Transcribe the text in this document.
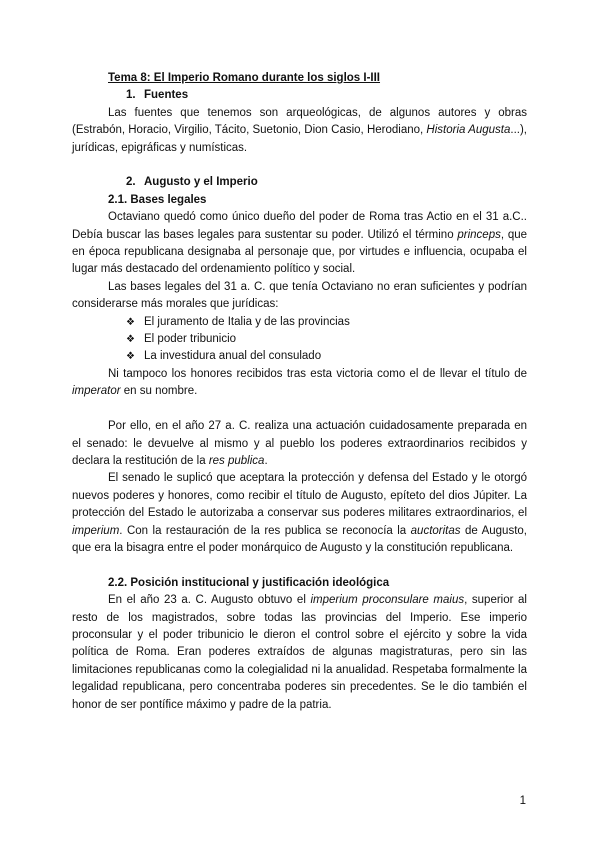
Tema 8: El Imperio Romano durante los siglos I-III
1. Fuentes

Las fuentes que tenemos son arqueológicas, de algunos autores y obras (Estrabón, Horacio, Virgilio, Tácito, Suetonio, Dion Casio, Herodiano, Historia Augusta...), jurídicas, epigráficas y numísticas.

2. Augusto y el Imperio
2.1. Bases legales

Octaviano quedó como único dueño del poder de Roma tras Actio en el 31 a.C.. Debía buscar las bases legales para sustentar su poder. Utilizó el término princeps, que en época republicana designaba al personaje que, por virtudes e influencia, ocupaba el lugar más destacado del ordenamiento político y social.

Las bases legales del 31 a. C. que tenía Octaviano no eran suficientes y podrían considerarse más morales que jurídicas:

❖ El juramento de Italia y de las provincias
❖ El poder tribunicio
❖ La investidura anual del consulado

Ni tampoco los honores recibidos tras esta victoria como el de llevar el título de imperator en su nombre.

Por ello, en el año 27 a. C. realiza una actuación cuidadosamente preparada en el senado: le devuelve al mismo y al pueblo los poderes extraordinarios recibidos y declara la restitución de la res publica.

El senado le suplicó que aceptara la protección y defensa del Estado y le otorgó nuevos poderes y honores, como recibir el título de Augusto, epíteto del dios Júpiter. La protección del Estado le autorizaba a conservar sus poderes militares extraordinarios, el imperium. Con la restauración de la res publica se reconocía la auctoritas de Augusto, que era la bisagra entre el poder monárquico de Augusto y la constitución republicana.

2.2. Posición institucional y justificación ideológica

En el año 23 a. C. Augusto obtuvo el imperium proconsulare maius, superior al resto de los magistrados, sobre todas las provincias del Imperio. Ese imperio proconsular y el poder tribunicio le dieron el control sobre el ejército y sobre la vida política de Roma. Eran poderes extraídos de algunas magistraturas, pero sin las limitaciones republicanas como la colegialidad ni la anualidad. Respetaba formalmente la legalidad republicana, pero concentraba poderes sin precedentes. Se le dio también el honor de ser pontífice máximo y padre de la patria.

1
